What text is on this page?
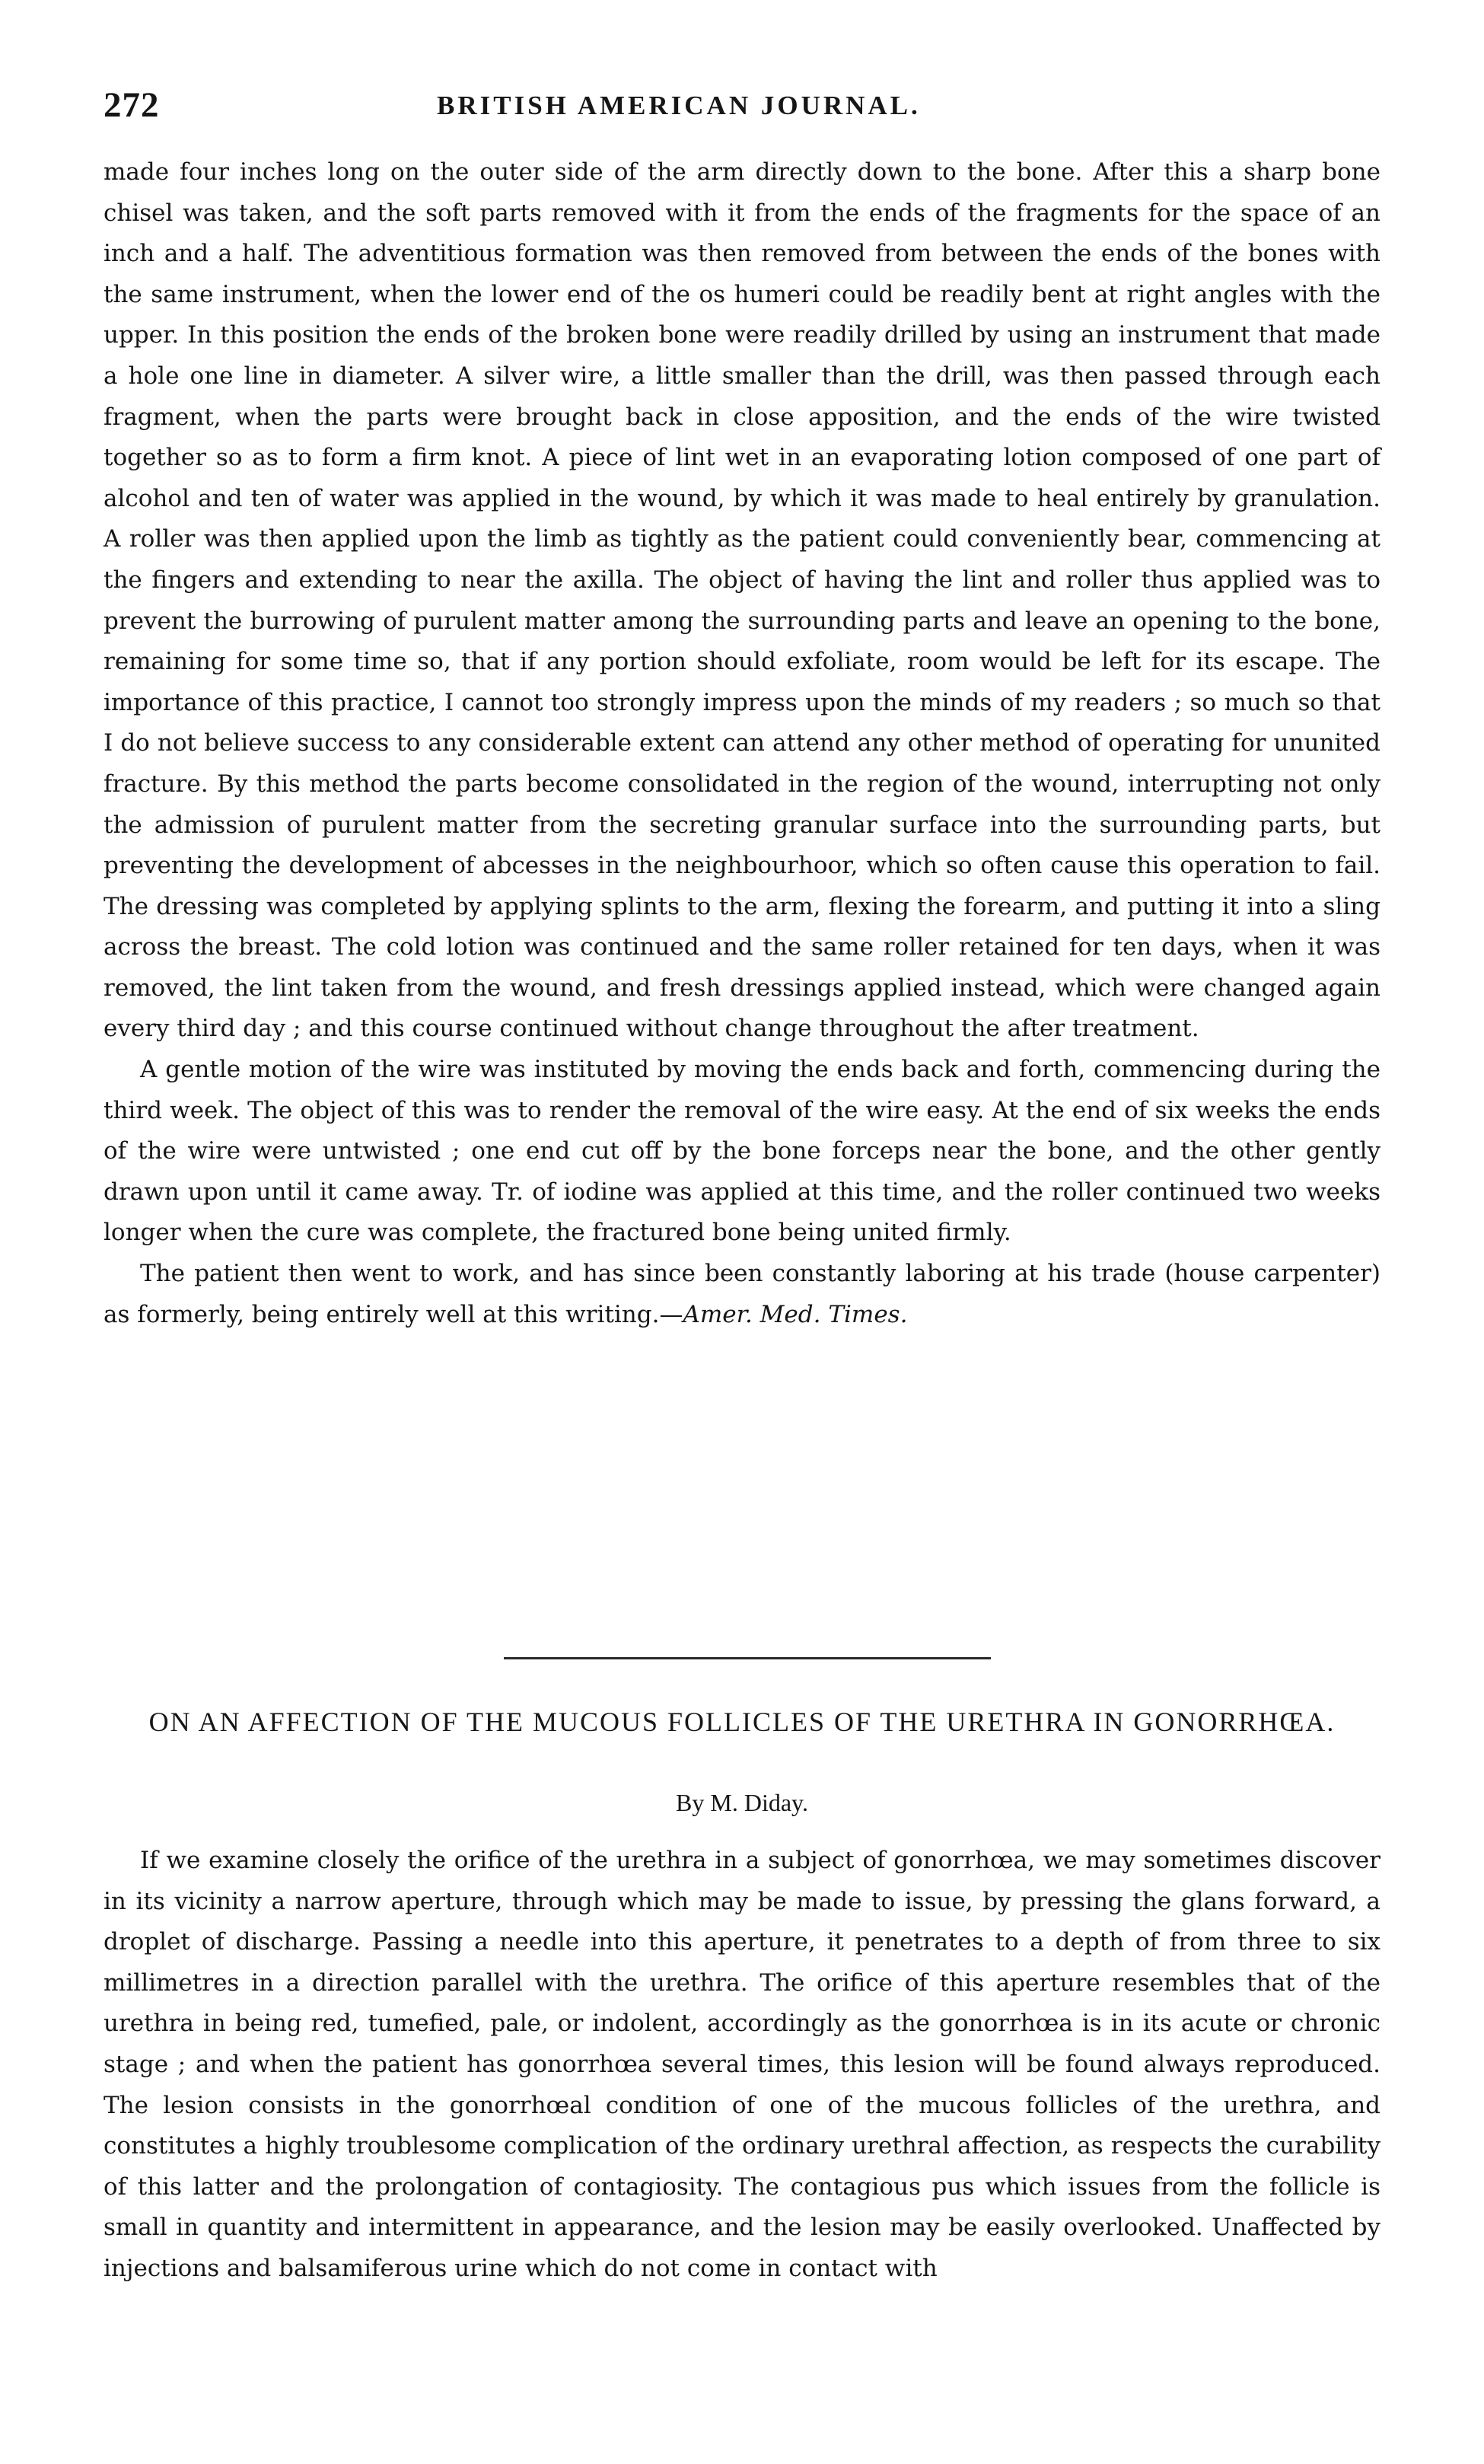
272	BRITISH AMERICAN JOURNAL.

made four inches long on the outer side of the arm directly down to the bone. After this a sharp bone chisel was taken, and the soft parts removed with it from the ends of the fragments for the space of an inch and a half. The adventitious formation was then removed from between the ends of the bones with the same instrument, when the lower end of the os humeri could be readily bent at right angles with the upper. In this position the ends of the broken bone were readily drilled by using an instrument that made a hole one line in diameter. A silver wire, a little smaller than the drill, was then passed through each fragment, when the parts were brought back in close apposition, and the ends of the wire twisted together so as to form a firm knot. A piece of lint wet in an evaporating lotion composed of one part of alcohol and ten of water was applied in the wound, by which it was made to heal entirely by granulation. A roller was then applied upon the limb as tightly as the patient could conveniently bear, commencing at the fingers and extending to near the axilla. The object of having the lint and roller thus applied was to prevent the burrowing of purulent matter among the surrounding parts and leave an opening to the bone, remaining for some time so, that if any portion should exfoliate, room would be left for its escape. The importance of this practice, I cannot too strongly impress upon the minds of my readers ; so much so that I do not believe success to any considerable extent can attend any other method of operating for ununited fracture. By this method the parts become consolidated in the region of the wound, interrupting not only the admission of purulent matter from the secreting granular surface into the surrounding parts, but preventing the development of abcesses in the neighbourhoor, which so often cause this operation to fail. The dressing was completed by applying splints to the arm, flexing the forearm, and putting it into a sling across the breast. The cold lotion was continued and the same roller retained for ten days, when it was removed, the lint taken from the wound, and fresh dressings applied instead, which were changed again every third day ; and this course continued without change throughout the after treatment.

A gentle motion of the wire was instituted by moving the ends back and forth, commencing during the third week. The object of this was to render the removal of the wire easy. At the end of six weeks the ends of the wire were untwisted ; one end cut off by the bone forceps near the bone, and the other gently drawn upon until it came away. Tr. of iodine was applied at this time, and the roller continued two weeks longer when the cure was complete, the fractured bone being united firmly.

The patient then went to work, and has since been constantly laboring at his trade (house carpenter) as formerly, being entirely well at this writing.—Amer. Med. Times.

ON AN AFFECTION OF THE MUCOUS FOLLICLES OF THE URETHRA IN GONORRHŒA.
By M. Diday.

If we examine closely the orifice of the urethra in a subject of gonorrhœa, we may sometimes discover in its vicinity a narrow aperture, through which may be made to issue, by pressing the glans forward, a droplet of discharge. Passing a needle into this aperture, it penetrates to a depth of from three to six millimetres in a direction parallel with the urethra. The orifice of this aperture resembles that of the urethra in being red, tumefied, pale, or indolent, accordingly as the gonorrhœa is in its acute or chronic stage ; and when the patient has gonorrhœa several times, this lesion will be found always reproduced. The lesion consists in the gonorrhœal condition of one of the mucous follicles of the urethra, and constitutes a highly troublesome complication of the ordinary urethral affection, as respects the curability of this latter and the prolongation of contagiosity. The contagious pus which issues from the follicle is small in quantity and intermittent in appearance, and the lesion may be easily overlooked. Unaffected by injections and balsamiferous urine which do not come in contact with
